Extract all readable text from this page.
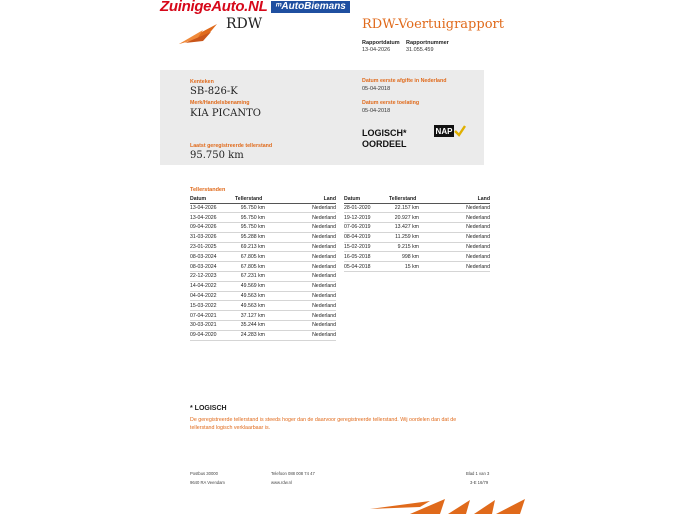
ZuinigeAuto.NL ᵐAutoBiemans
RDW	RDW-Voertuigrapport
Rapportdatum
13-04-2026
Rapportnummer
31.055.459
Kenteken
SB-826-K
Merk/Handelsbenaming
KIA PICANTO
Laatst geregistreerde tellerstand
95.750 km
Datum eerste afgifte in Nederland
05-04-2018
Datum eerste toelating
05-04-2018
LOGISCH*
OORDEEL
NAP
Tellerstanden
Datum	Tellerstand	Land
13-04-2026	95.750 km	Nederland
13-04-2026	95.750 km	Nederland
09-04-2026	95.750 km	Nederland
31-03-2026	95.288 km	Nederland
23-01-2025	69.213 km	Nederland
08-03-2024	67.805 km	Nederland
08-03-2024	67.805 km	Nederland
22-12-2023	67.231 km	Nederland
14-04-2022	49.569 km	Nederland
04-04-2022	49.563 km	Nederland
15-03-2022	49.563 km	Nederland
07-04-2021	37.127 km	Nederland
30-03-2021	35.244 km	Nederland
09-04-2020	24.283 km	Nederland
Datum	Tellerstand	Land
28-01-2020	22.157 km	Nederland
19-12-2019	20.927 km	Nederland
07-06-2019	13.427 km	Nederland
08-04-2019	11.259 km	Nederland
15-02-2019	9.215 km	Nederland
16-05-2018	998 km	Nederland
05-04-2018	15 km	Nederland
* LOGISCH
De geregistreerde tellerstand is steeds hoger dan de daarvoor geregistreerde tellerstand. Wij oordelen dan dat de tellerstand logisch verklaarbaar is.
Postbus 30000
9640 RA Veendam
Telefoon 088 008 74 47
www.rdw.nl
Blad 1 van 3
3-E 16/79
